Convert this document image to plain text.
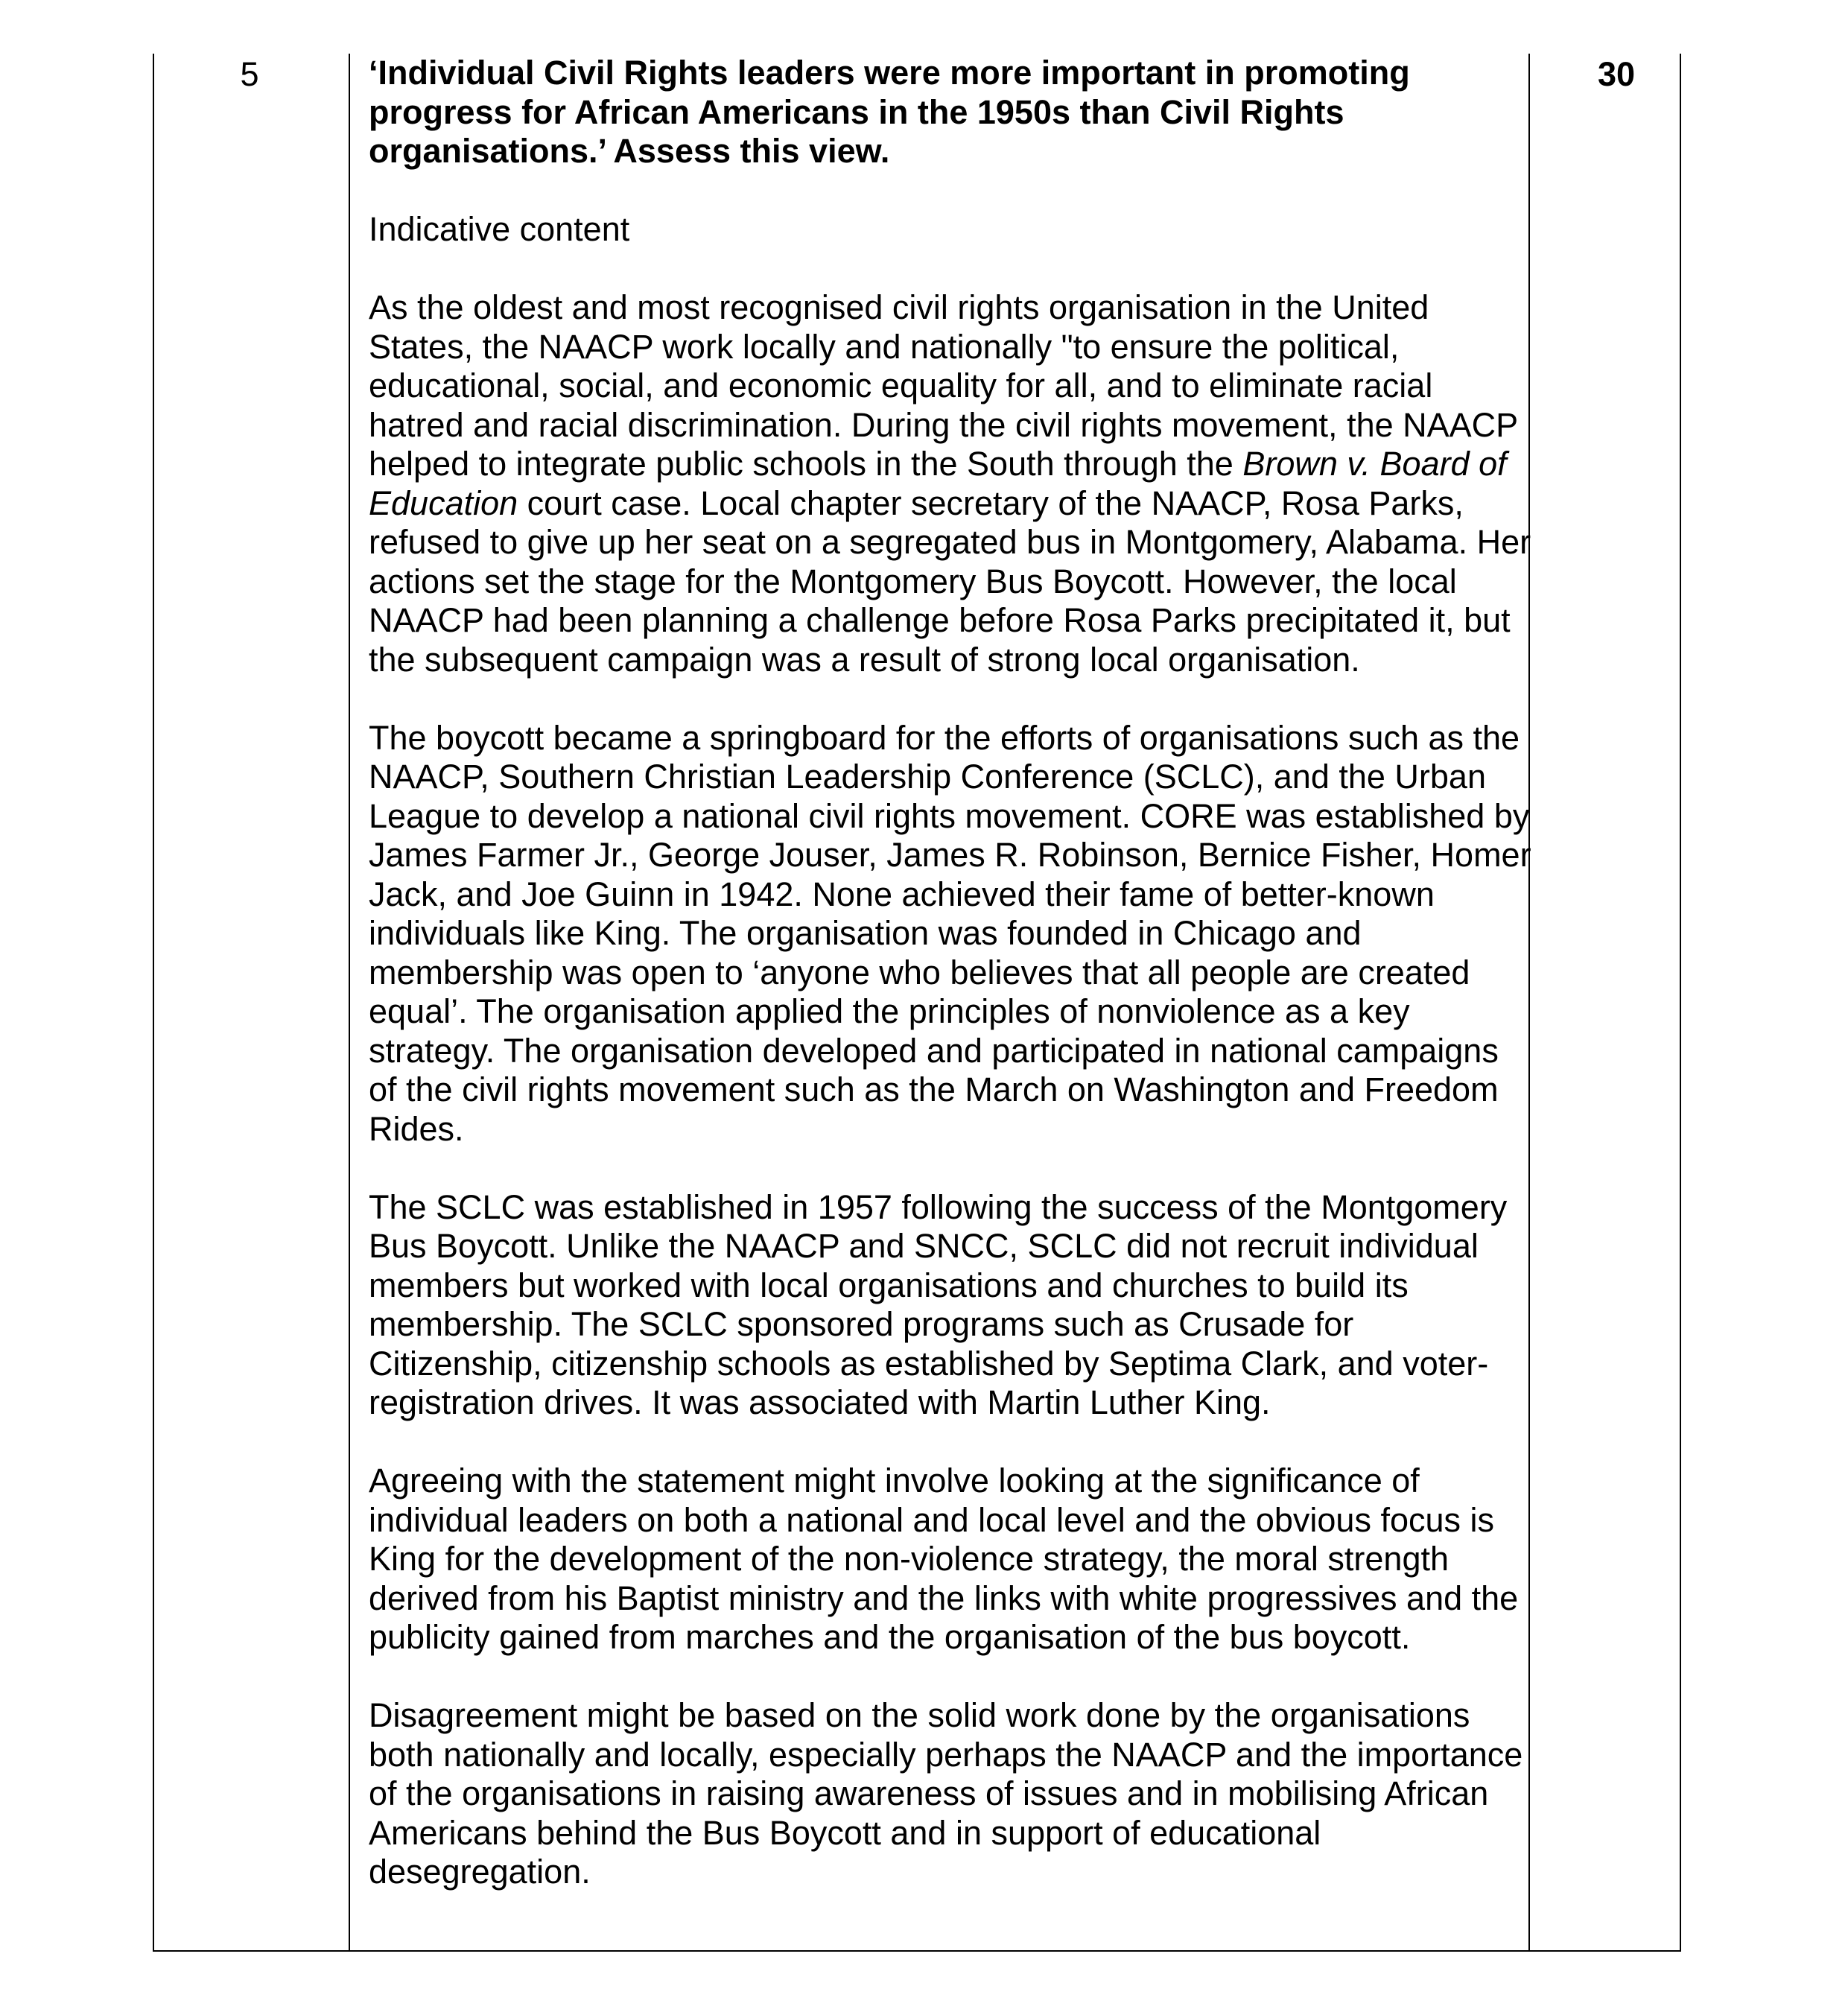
5	‘Individual Civil Rights leaders were more important in promoting progress for African Americans in the 1950s than Civil Rights organisations.’ Assess this view.

Indicative content

As the oldest and most recognised civil rights organisation in the United States, the NAACP work locally and nationally "to ensure the political, educational, social, and economic equality for all, and to eliminate racial hatred and racial discrimination. During the civil rights movement, the NAACP helped to integrate public schools in the South through the Brown v. Board of Education court case. Local chapter secretary of the NAACP, Rosa Parks, refused to give up her seat on a segregated bus in Montgomery, Alabama. Her actions set the stage for the Montgomery Bus Boycott. However, the local NAACP had been planning a challenge before Rosa Parks precipitated it, but the subsequent campaign was a result of strong local organisation.

The boycott became a springboard for the efforts of organisations such as the NAACP, Southern Christian Leadership Conference (SCLC), and the Urban League to develop a national civil rights movement. CORE was established by James Farmer Jr., George Jouser, James R. Robinson, Bernice Fisher, Homer Jack, and Joe Guinn in 1942. None achieved their fame of better-known individuals like King. The organisation was founded in Chicago and membership was open to ‘anyone who believes that all people are created equal’. The organisation applied the principles of nonviolence as a key strategy. The organisation developed and participated in national campaigns of the civil rights movement such as the March on Washington and Freedom Rides.

The SCLC was established in 1957 following the success of the Montgomery Bus Boycott. Unlike the NAACP and SNCC, SCLC did not recruit individual members but worked with local organisations and churches to build its membership. The SCLC sponsored programs such as Crusade for Citizenship, citizenship schools as established by Septima Clark, and voter-registration drives. It was associated with Martin Luther King.

Agreeing with the statement might involve looking at the significance of individual leaders on both a national and local level and the obvious focus is King for the development of the non-violence strategy, the moral strength derived from his Baptist ministry and the links with white progressives and the publicity gained from marches and the organisation of the bus boycott.

Disagreement might be based on the solid work done by the organisations both nationally and locally, especially perhaps the NAACP and the importance of the organisations in raising awareness of issues and in mobilising African Americans behind the Bus Boycott and in support of educational desegregation.

30
